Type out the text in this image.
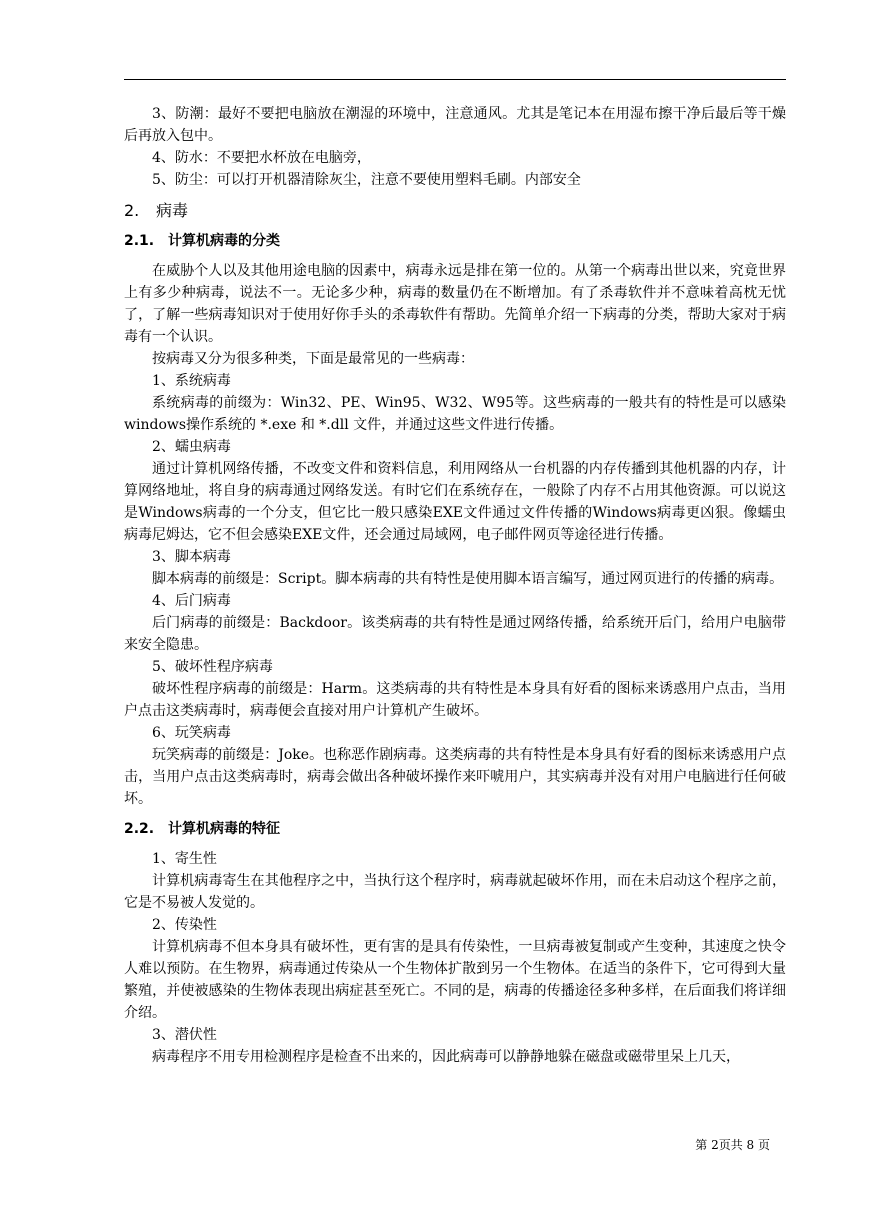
3、防潮：最好不要把电脑放在潮湿的环境中，注意通风。尤其是笔记本在用湿布擦干净后最后等干燥后再放入包中。

4、防水：不要把水杯放在电脑旁，

5、防尘：可以打开机器清除灰尘，注意不要使用塑料毛刷。内部安全

2. 病毒
2.1. 计算机病毒的分类

在威胁个人以及其他用途电脑的因素中，病毒永远是排在第一位的。从第一个病毒出世以来，究竟世界上有多少种病毒，说法不一。无论多少种，病毒的数量仍在不断增加。有了杀毒软件并不意味着高枕无忧了，了解一些病毒知识对于使用好你手头的杀毒软件有帮助。先简单介绍一下病毒的分类，帮助大家对于病毒有一个认识。

按病毒又分为很多种类，下面是最常见的一些病毒：

1、系统病毒

系统病毒的前缀为：Win32、PE、Win95、W32、W95等。这些病毒的一般共有的特性是可以感染windows操作系统的 *.exe 和 *.dll 文件，并通过这些文件进行传播。

2、蠕虫病毒

通过计算机网络传播，不改变文件和资料信息，利用网络从一台机器的内存传播到其他机器的内存，计算网络地址，将自身的病毒通过网络发送。有时它们在系统存在，一般除了内存不占用其他资源。可以说这是Windows病毒的一个分支，但它比一般只感染EXE文件通过文件传播的Windows病毒更凶狠。像蠕虫病毒尼姆达，它不但会感染EXE文件，还会通过局域网，电子邮件网页等途径进行传播。

3、脚本病毒

脚本病毒的前缀是：Script。脚本病毒的共有特性是使用脚本语言编写，通过网页进行的传播的病毒。

4、后门病毒

后门病毒的前缀是：Backdoor。该类病毒的共有特性是通过网络传播，给系统开后门，给用户电脑带来安全隐患。

5、破坏性程序病毒

破坏性程序病毒的前缀是：Harm。这类病毒的共有特性是本身具有好看的图标来诱惑用户点击，当用户点击这类病毒时，病毒便会直接对用户计算机产生破坏。

6、玩笑病毒

玩笑病毒的前缀是：Joke。也称恶作剧病毒。这类病毒的共有特性是本身具有好看的图标来诱惑用户点击，当用户点击这类病毒时，病毒会做出各种破坏操作来吓唬用户，其实病毒并没有对用户电脑进行任何破坏。

2.2. 计算机病毒的特征

1、寄生性

计算机病毒寄生在其他程序之中，当执行这个程序时，病毒就起破坏作用，而在未启动这个程序之前，它是不易被人发觉的。

2、传染性

计算机病毒不但本身具有破坏性，更有害的是具有传染性，一旦病毒被复制或产生变种，其速度之快令人难以预防。在生物界，病毒通过传染从一个生物体扩散到另一个生物体。在适当的条件下，它可得到大量繁殖，并使被感染的生物体表现出病症甚至死亡。不同的是，病毒的传播途径多种多样，在后面我们将详细介绍。

3、潜伏性

病毒程序不用专用检测程序是检查不出来的，因此病毒可以静静地躲在磁盘或磁带里呆上几天，

第 2页共 8 页
